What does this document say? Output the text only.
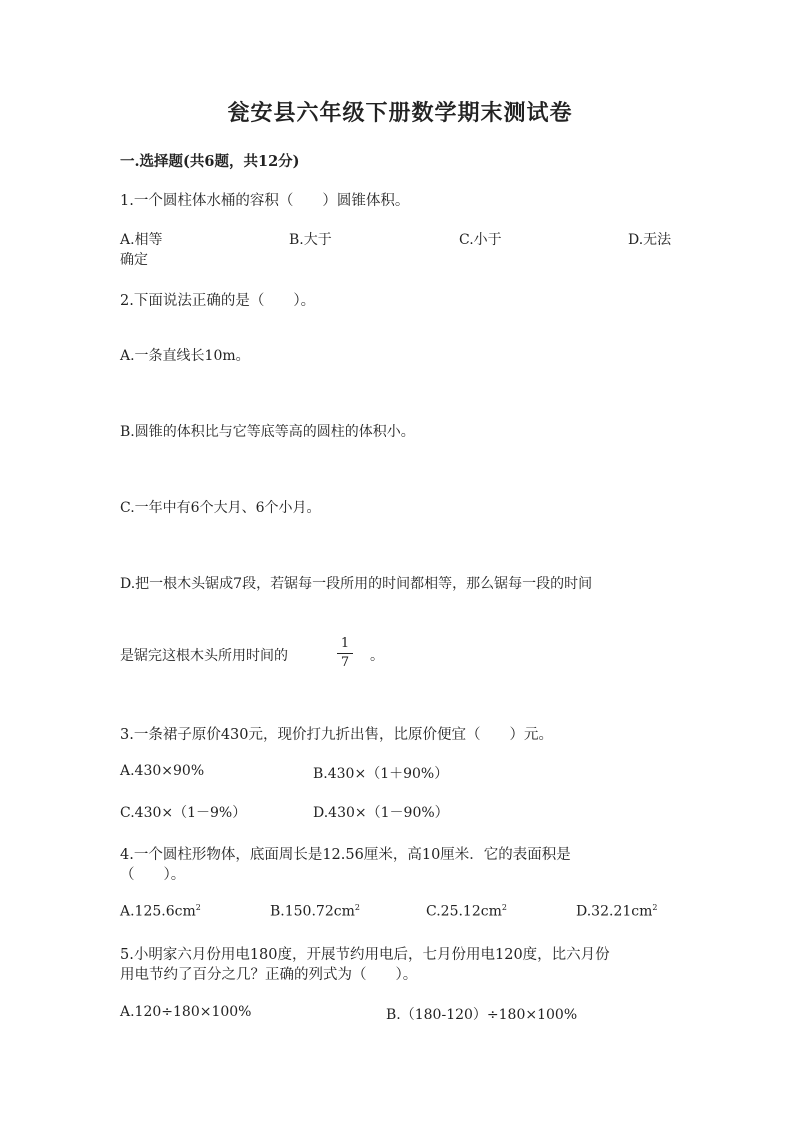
瓮安县六年级下册数学期末测试卷
一.选择题(共6题，共12分)
1.一个圆柱体水桶的容积（　　）圆锥体积。
A.相等	B.大于	C.小于	D.无法
确定
2.下面说法正确的是（　　）。
A.一条直线长10m。
B.圆锥的体积比与它等底等高的圆柱的体积小。
C.一年中有6个大月、6个小月。
D.把一根木头锯成7段，若锯每一段所用的时间都相等，那么锯每一段的时间
是锯完这根木头所用时间的
1
7 。
3.一条裙子原价430元，现价打九折出售，比原价便宜（　　）元。
A.430×90%	B.430×（1＋90%）
C.430×（1－9%）	D.430×（1－90%）
4.一个圆柱形物体，底面周长是12.56厘米，高10厘米．它的表面积是
（　　）。
$A.125.6cm^2$	$B.150.72cm^2$	$C.25.12cm^2$	$D.32.21cm^2$
5.小明家六月份用电180度，开展节约用电后，七月份用电120度，比六月份
用电节约了百分之几？正确的列式为（　　）。
A.120÷180×100%	B.（180-120）÷180×100%
